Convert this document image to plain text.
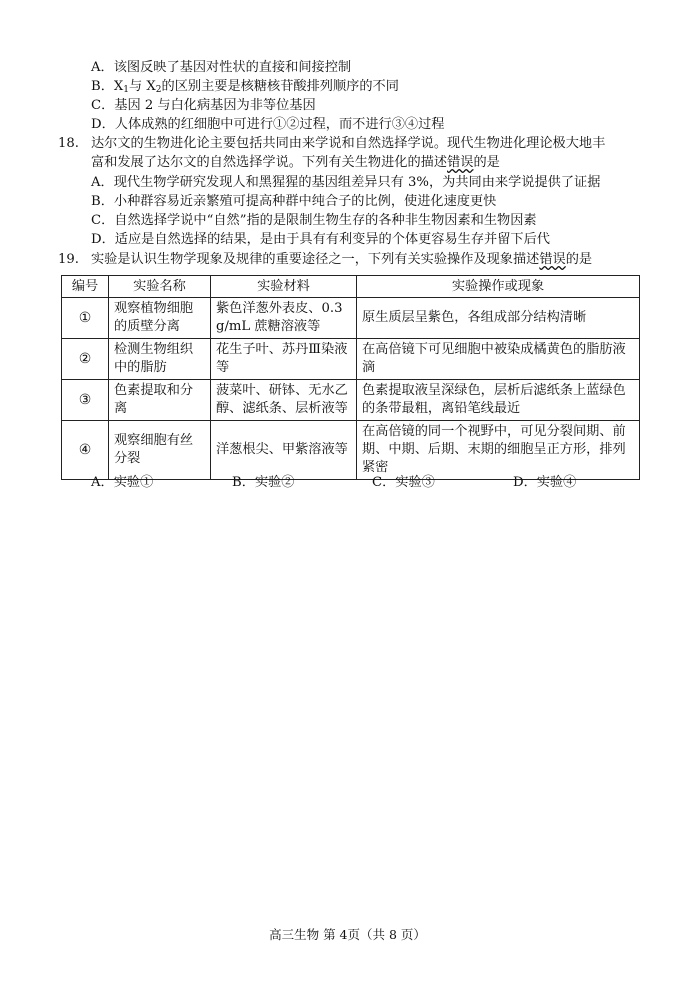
A．该图反映了基因对性状的直接和间接控制
B．$X_1$与 $X_2$的区别主要是核糖核苷酸排列顺序的不同
C．基因 2 与白化病基因为非等位基因
D．人体成熟的红细胞中可进行①②过程，而不进行③④过程
18. 达尔文的生物进化论主要包括共同由来学说和自然选择学说。现代生物进化理论极大地丰
富和发展了达尔文的自然选择学说。下列有关生物进化的描述错误的是
A．现代生物学研究发现人和黑猩猩的基因组差异只有 3%，为共同由来学说提供了证据
B．小种群容易近亲繁殖可提高种群中纯合子的比例，使进化速度更快
C．自然选择学说中“自然”指的是限制生物生存的各种非生物因素和生物因素
D．适应是自然选择的结果，是由于具有有利变异的个体更容易生存并留下后代
19. 实验是认识生物学现象及规律的重要途径之一，下列有关实验操作及现象描述错误的是
编号	实验名称	实验材料	实验操作或现象
①	观察植物细胞的质壁分离	紫色洋葱外表皮、0.3g/mL 蔗糖溶液等	原生质层呈紫色，各组成部分结构清晰
②	检测生物组织中的脂肪	花生子叶、苏丹Ⅲ染液等	在高倍镜下可见细胞中被染成橘黄色的脂肪液滴
③	色素提取和分离	菠菜叶、研钵、无水乙醇、滤纸条、层析液等	色素提取液呈深绿色，层析后滤纸条上蓝绿色的条带最粗，离铅笔线最近
④	观察细胞有丝分裂	洋葱根尖、甲紫溶液等	在高倍镜的同一个视野中，可见分裂间期、前期、中期、后期、末期的细胞呈正方形，排列紧密
A．实验①	B．实验②	C．实验③	D．实验④
高三生物 第 4页（共 8 页）
